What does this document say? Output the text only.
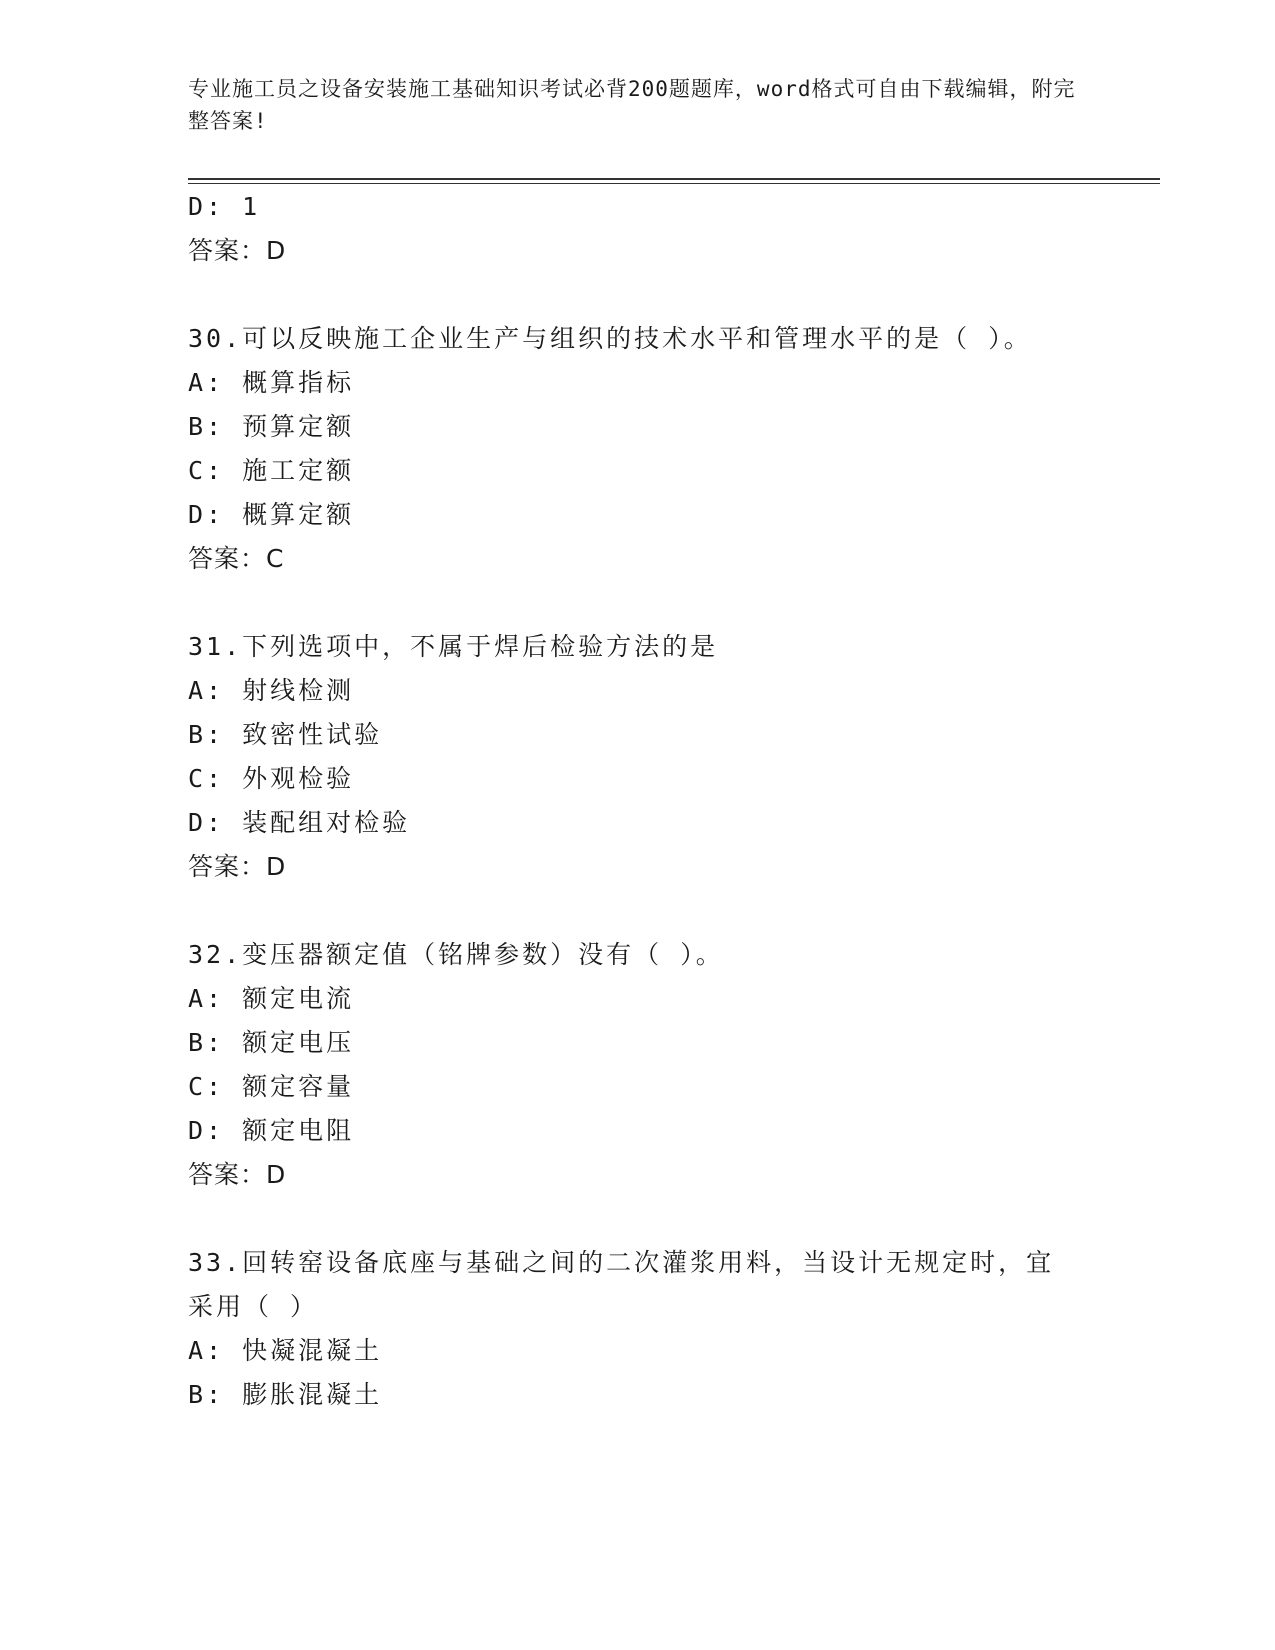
专业施工员之设备安装施工基础知识考试必背200题题库，word格式可自由下载编辑，附完整答案!
D: 1
答案：D
30.可以反映施工企业生产与组织的技术水平和管理水平的是（ ）。
A: 概算指标
B: 预算定额
C: 施工定额
D: 概算定额
答案：C
31.下列选项中，不属于焊后检验方法的是
A: 射线检测
B: 致密性试验
C: 外观检验
D: 装配组对检验
答案：D
32.变压器额定值（铭牌参数）没有（ ）。
A: 额定电流
B: 额定电压
C: 额定容量
D: 额定电阻
答案：D
33.回转窑设备底座与基础之间的二次灌浆用料，当设计无规定时，宜
采用（ ）
A: 快凝混凝土
B: 膨胀混凝土
